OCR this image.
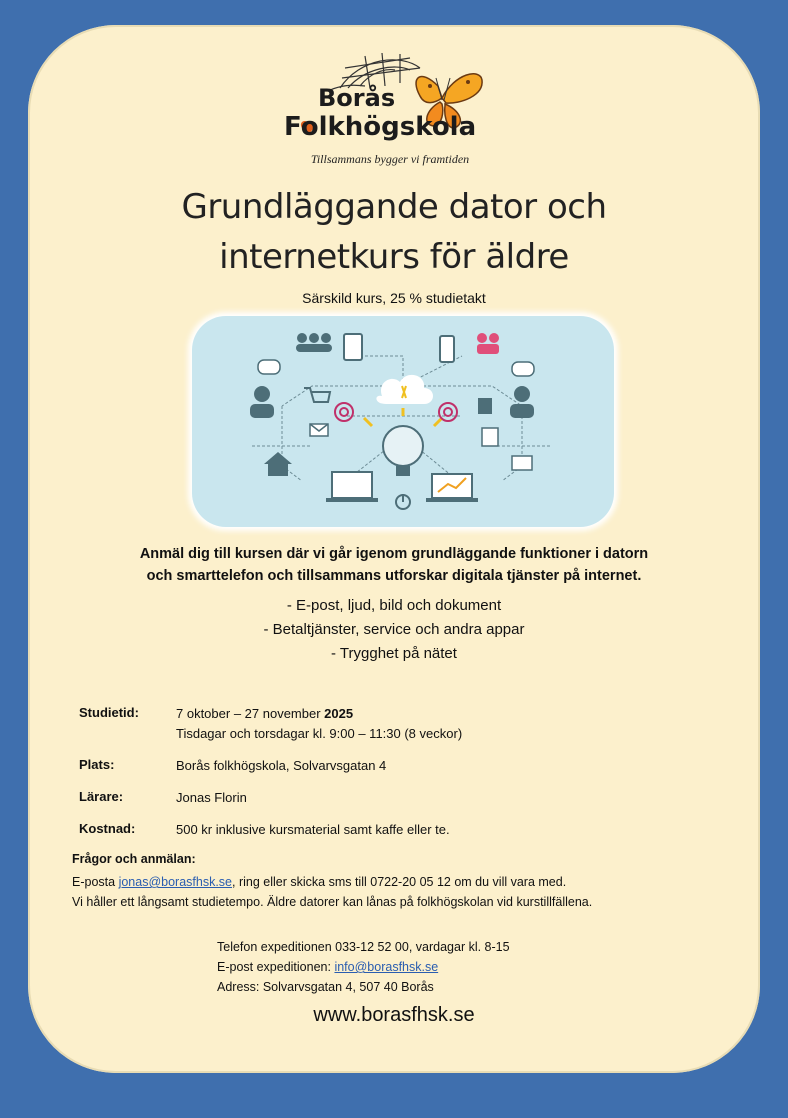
Borås
Folkhögskola
Tillsammans bygger vi framtiden
Grundläggande dator och
internetkurs för äldre
Särskild kurs, 25 % studietakt
Anmäl dig till kursen där vi går igenom grundläggande funktioner i datorn
och smarttelefon och tillsammans utforskar digitala tjänster på internet.
- E-post, ljud, bild och dokument
- Betaltjänster, service och andra appar
- Trygghet på nätet
Studietid:	7 oktober – 27 november 2025
Tisdagar och torsdagar kl. 9:00 – 11:30 (8 veckor)
Plats:	Borås folkhögskola, Solvarvsgatan 4
Lärare:	Jonas Florin
Kostnad:	500 kr inklusive kursmaterial samt kaffe eller te.
Frågor och anmälan:
E-posta jonas@borasfhsk.se, ring eller skicka sms till 0722-20 05 12 om du vill vara med.
Vi håller ett långsamt studietempo. Äldre datorer kan lånas på folkhögskolan vid kurstillfällena.
Telefon expeditionen 033-12 52 00, vardagar kl. 8-15
E-post expeditionen: info@borasfhsk.se
Adress: Solvarvsgatan 4, 507 40 Borås
www.borasfhsk.se
